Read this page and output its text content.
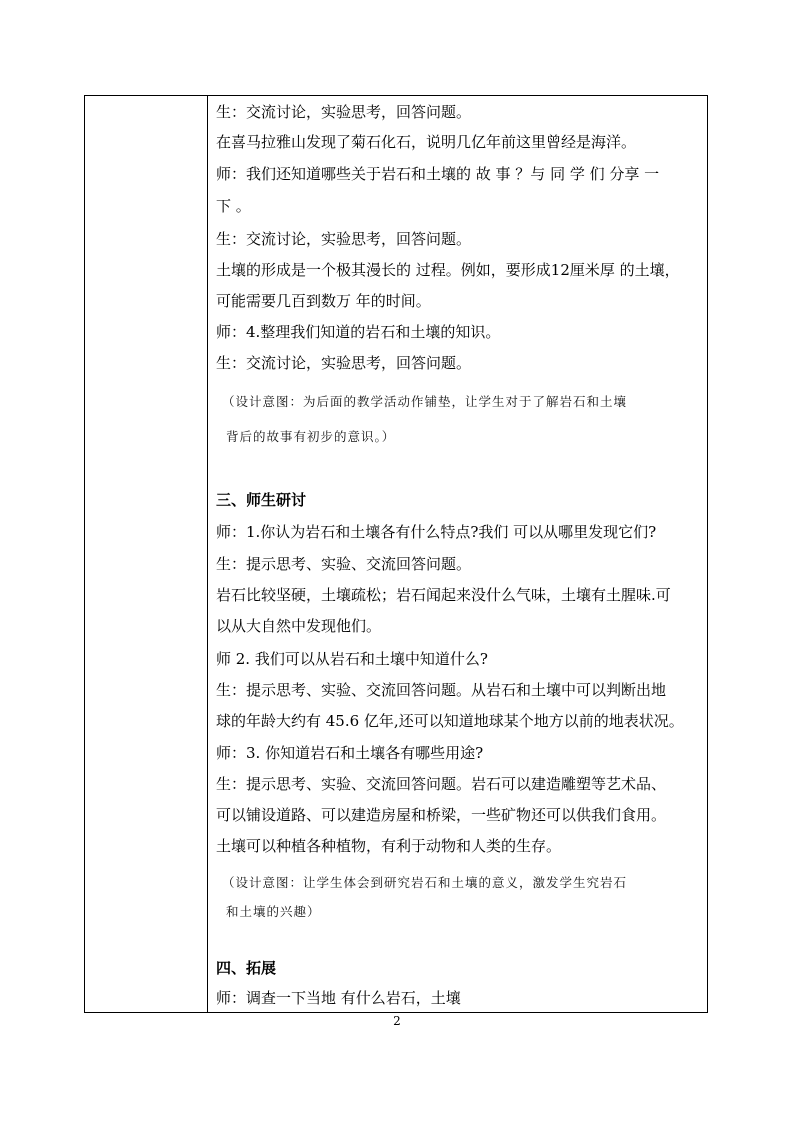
生：交流讨论，实验思考，回答问题。
在喜马拉雅山发现了菊石化石，说明几亿年前这里曾经是海洋。
师：我们还知道哪些关于岩石和土壤的 故 事 ？与 同 学 们 分享 一
下 。
生：交流讨论，实验思考，回答问题。
土壤的形成是一个极其漫长的 过程。例如，要形成12厘米厚 的土壤，
可能需要几百到数万 年的时间。
师：4.整理我们知道的岩石和土壤的知识。
生：交流讨论，实验思考，回答问题。
（设计意图：为后面的教学活动作铺垫，让学生对于了解岩石和土壤
背后的故事有初步的意识。）
三、师生研讨
师：1.你认为岩石和土壤各有什么特点?我们 可以从哪里发现它们?
生：提示思考、实验、交流回答问题。
岩石比较坚硬，土壤疏松；岩石闻起来没什么气味，土壤有土腥味.可
以从大自然中发现他们。
师 2. 我们可以从岩石和土壤中知道什么?
生：提示思考、实验、交流回答问题。从岩石和土壤中可以判断出地
球的年龄大约有 45.6 亿年,还可以知道地球某个地方以前的地表状况。
师：3. 你知道岩石和土壤各有哪些用途?
生：提示思考、实验、交流回答问题。岩石可以建造雕塑等艺术品、
可以铺设道路、可以建造房屋和桥梁，一些矿物还可以供我们食用。
土壤可以种植各种植物，有利于动物和人类的生存。
（设计意图：让学生体会到研究岩石和土壤的意义，激发学生究岩石
和土壤的兴趣）
四、拓展
师：调查一下当地 有什么岩石，土壤
2
